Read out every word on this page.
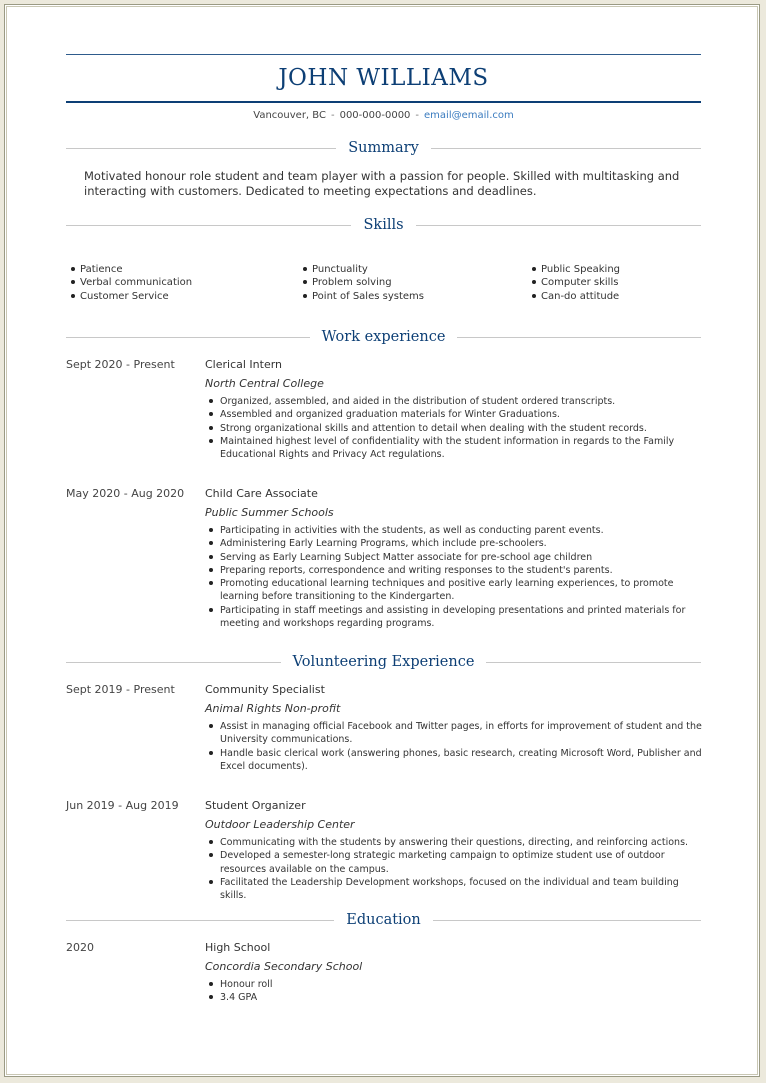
JOHN WILLIAMS
Vancouver, BC - 000-000-0000 - email@email.com
Summary
Motivated honour role student and team player with a passion for people. Skilled with multitasking and interacting with customers. Dedicated to meeting expectations and deadlines.
Skills
Patience
Verbal communication
Customer Service
Punctuality
Problem solving
Point of Sales systems
Public Speaking
Computer skills
Can-do attitude
Work experience
Sept 2020 - Present	Clerical Intern
North Central College
Organized, assembled, and aided in the distribution of student ordered transcripts.
Assembled and organized graduation materials for Winter Graduations.
Strong organizational skills and attention to detail when dealing with the student records.
Maintained highest level of confidentiality with the student information in regards to the Family Educational Rights and Privacy Act regulations.
May 2020 - Aug 2020 Child Care Associate
Public Summer Schools
Participating in activities with the students, as well as conducting parent events.
Administering Early Learning Programs, which include pre-schoolers.
Serving as Early Learning Subject Matter associate for pre-school age children
Preparing reports, correspondence and writing responses to the student's parents.
Promoting educational learning techniques and positive early learning experiences, to promote learning before transitioning to the Kindergarten.
Participating in staff meetings and assisting in developing presentations and printed materials for meeting and workshops regarding programs.
Volunteering Experience
Sept 2019 - Present	Community Specialist
Animal Rights Non-profit
Assist in managing official Facebook and Twitter pages, in efforts for improvement of student and the University communications.
Handle basic clerical work (answering phones, basic research, creating Microsoft Word, Publisher and Excel documents).
Jun 2019 - Aug 2019 Student Organizer
Outdoor Leadership Center
Communicating with the students by answering their questions, directing, and reinforcing actions.
Developed a semester-long strategic marketing campaign to optimize student use of outdoor resources available on the campus.
Facilitated the Leadership Development workshops, focused on the individual and team building skills.
Education
2020	High School
Concordia Secondary School
Honour roll
3.4 GPA
